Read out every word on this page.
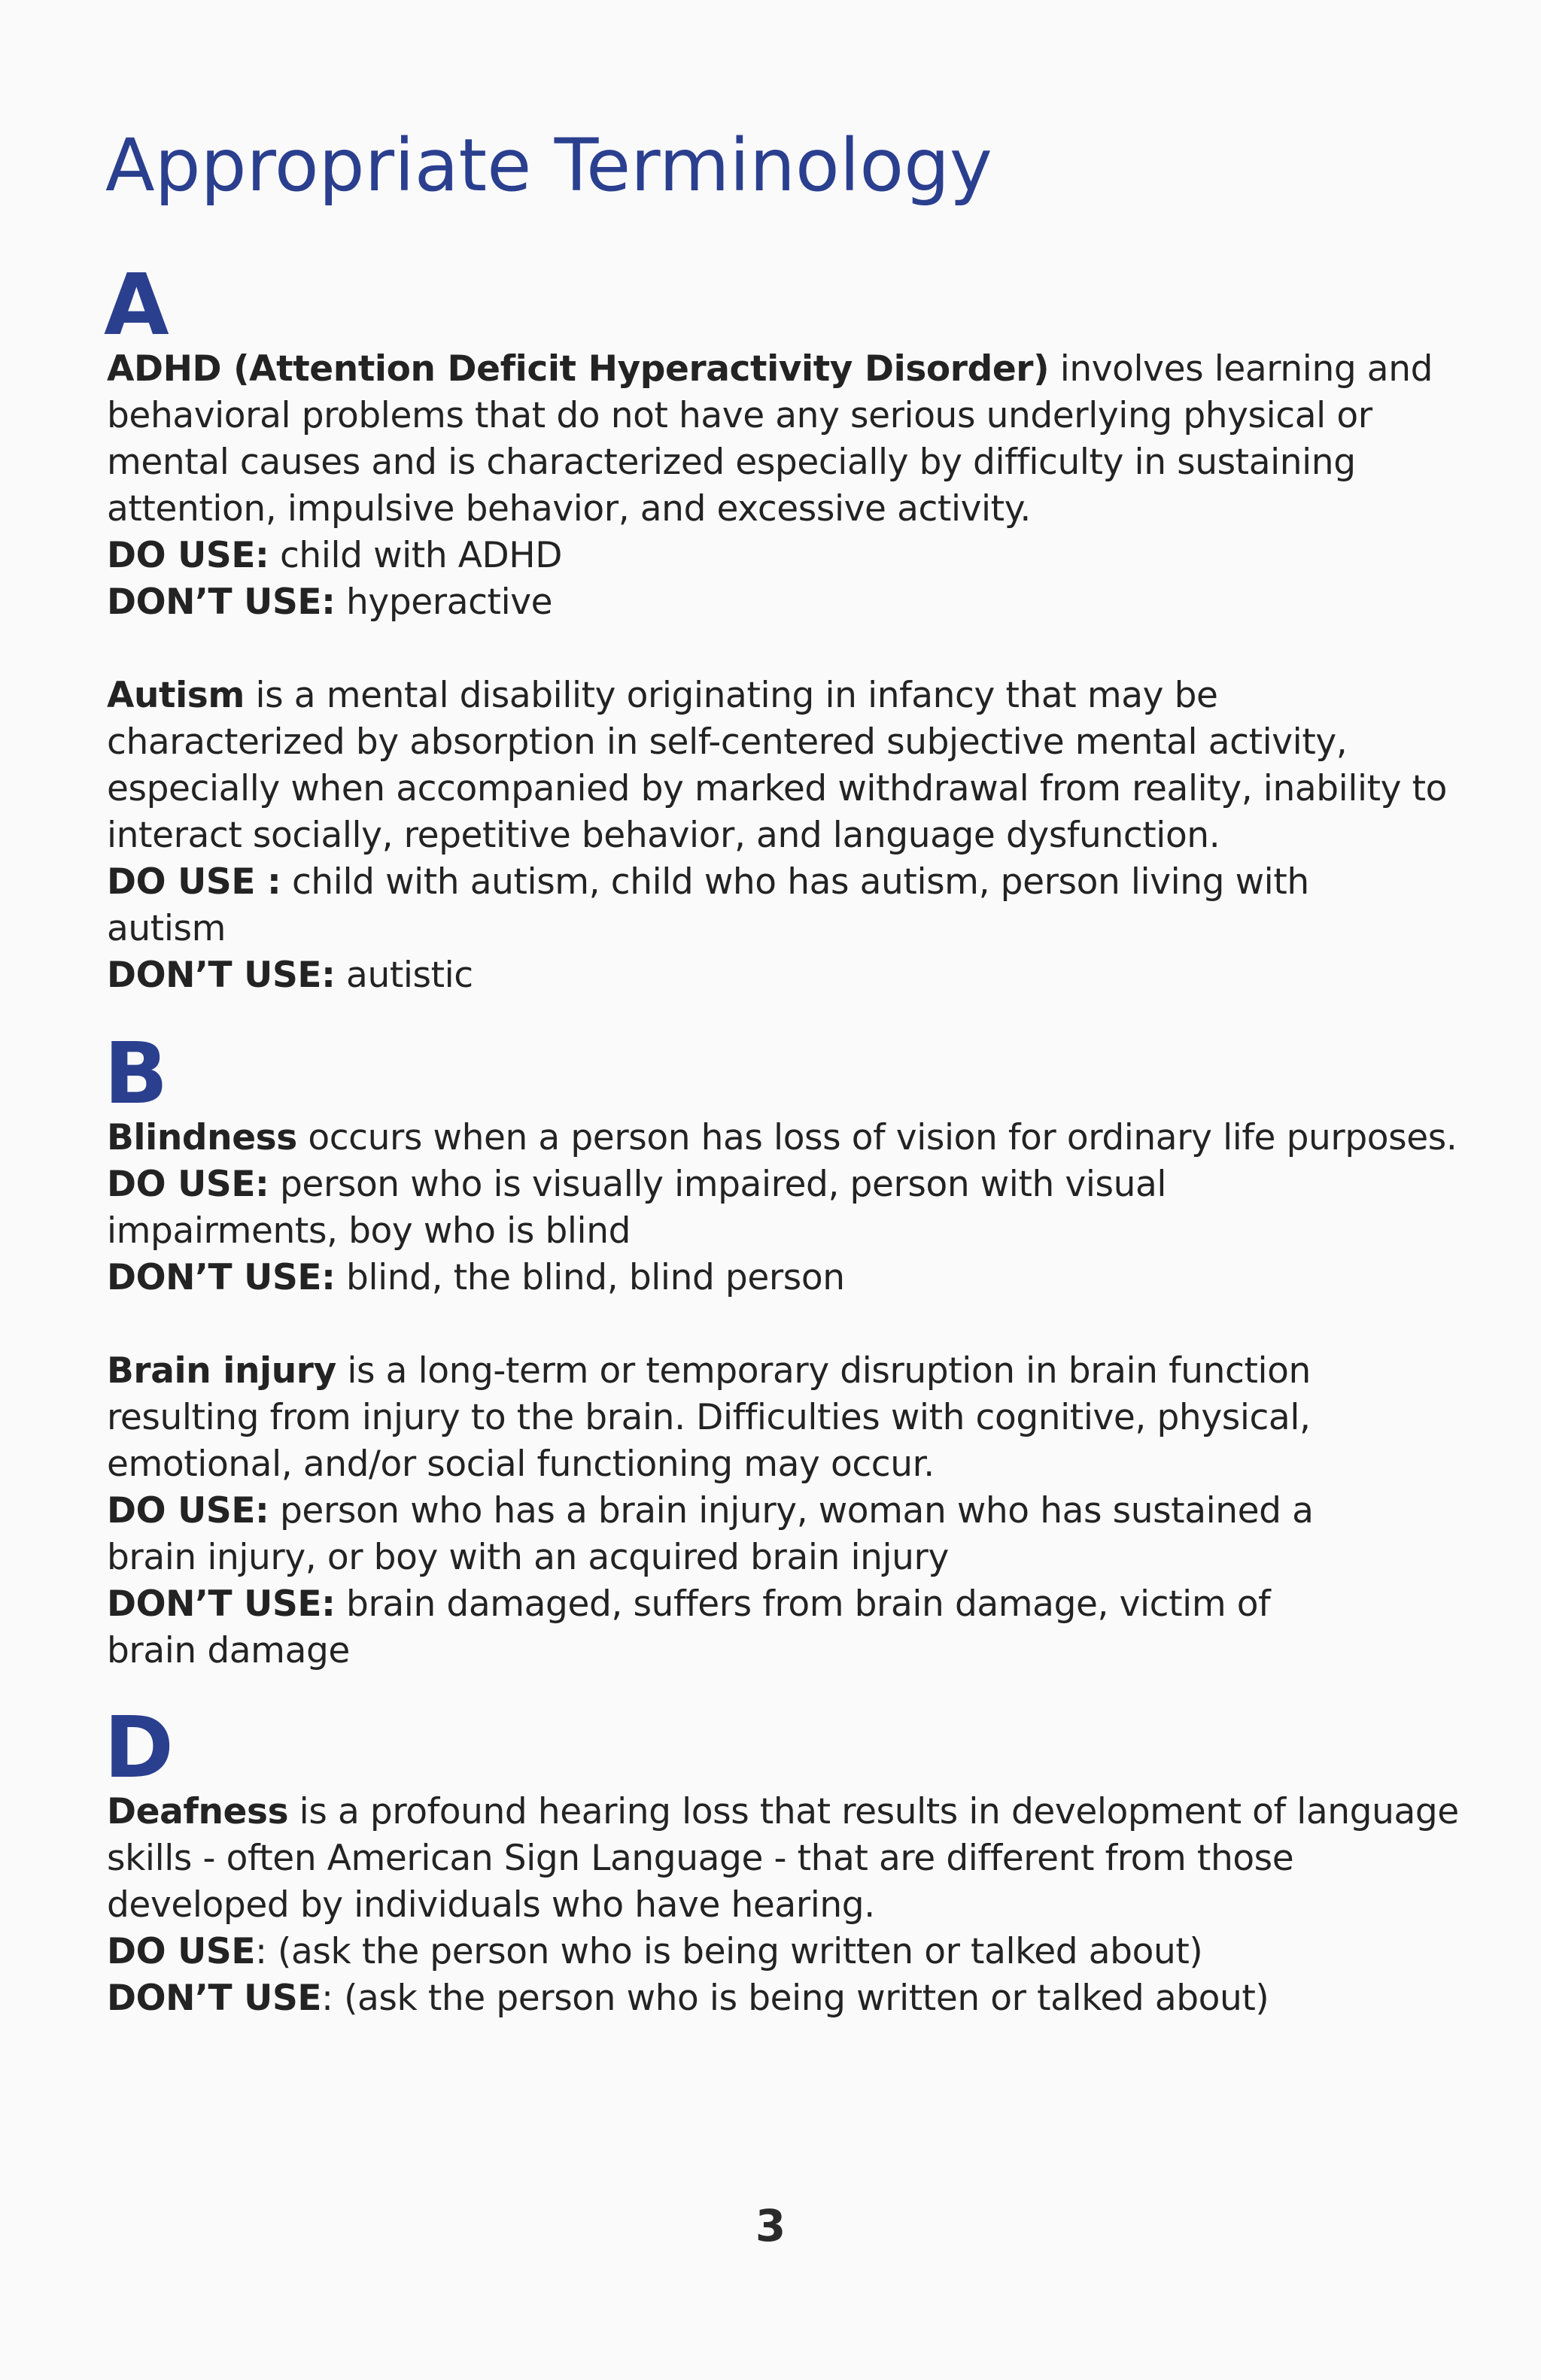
Appropriate Terminology
A

ADHD (Attention Deficit Hyperactivity Disorder) involves learning and behavioral problems that do not have any serious underlying physical or mental causes and is characterized especially by difficulty in sustaining attention, impulsive behavior, and excessive activity.

DO USE: child with ADHD

DON’T USE: hyperactive

Autism is a mental disability originating in infancy that may be characterized by absorption in self-centered subjective mental activity, especially when accompanied by marked withdrawal from reality, inability to interact socially, repetitive behavior, and language dysfunction.

DO USE : child with autism, child who has autism, person living with autism

DON’T USE: autistic

B

Blindness occurs when a person has loss of vision for ordinary life purposes.

DO USE: person who is visually impaired, person with visual impairments, boy who is blind

DON’T USE: blind, the blind, blind person

Brain injury is a long-term or temporary disruption in brain function resulting from injury to the brain. Difficulties with cognitive, physical, emotional, and/or social functioning may occur.

DO USE: person who has a brain injury, woman who has sustained a brain injury, or boy with an acquired brain injury

DON’T USE: brain damaged, suffers from brain damage, victim of brain damage

D

Deafness is a profound hearing loss that results in development of language skills - often American Sign Language - that are different from those developed by individuals who have hearing.

DO USE: (ask the person who is being written or talked about)

DON’T USE: (ask the person who is being written or talked about)

3
